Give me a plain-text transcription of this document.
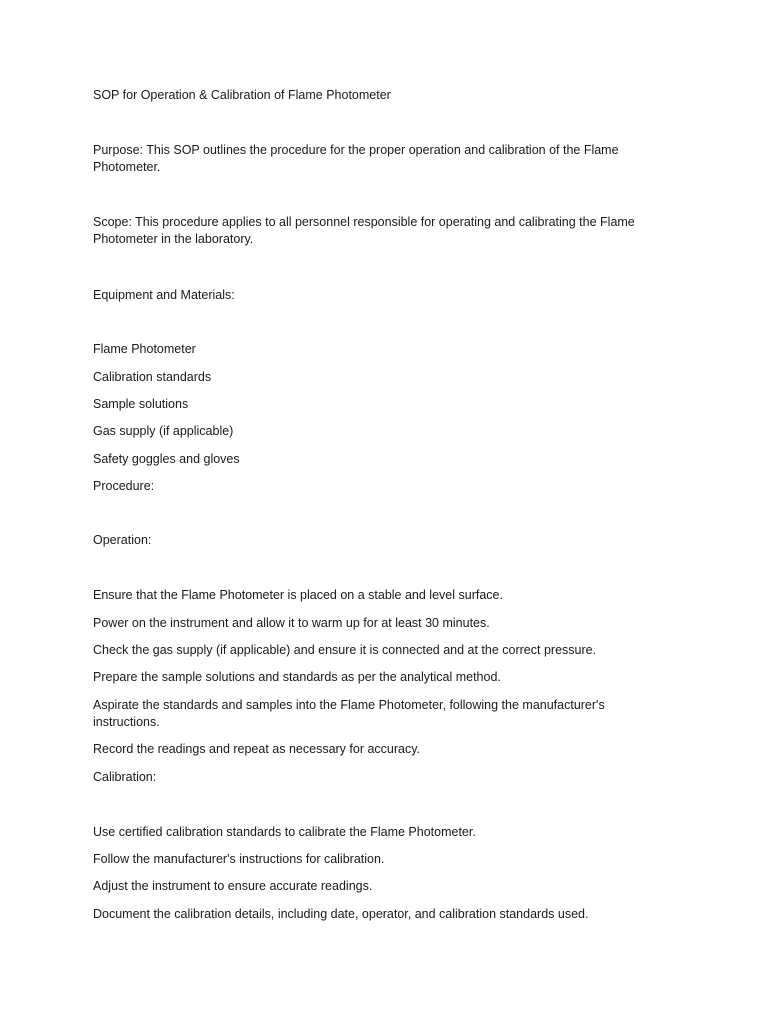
SOP for Operation & Calibration of Flame Photometer

Purpose: This SOP outlines the procedure for the proper operation and calibration of the Flame Photometer.

Scope: This procedure applies to all personnel responsible for operating and calibrating the Flame Photometer in the laboratory.

Equipment and Materials:

Flame Photometer

Calibration standards

Sample solutions

Gas supply (if applicable)

Safety goggles and gloves

Procedure:

Operation:

Ensure that the Flame Photometer is placed on a stable and level surface.

Power on the instrument and allow it to warm up for at least 30 minutes.

Check the gas supply (if applicable) and ensure it is connected and at the correct pressure.

Prepare the sample solutions and standards as per the analytical method.

Aspirate the standards and samples into the Flame Photometer, following the manufacturer's instructions.

Record the readings and repeat as necessary for accuracy.

Calibration:

Use certified calibration standards to calibrate the Flame Photometer.

Follow the manufacturer's instructions for calibration.

Adjust the instrument to ensure accurate readings.

Document the calibration details, including date, operator, and calibration standards used.
